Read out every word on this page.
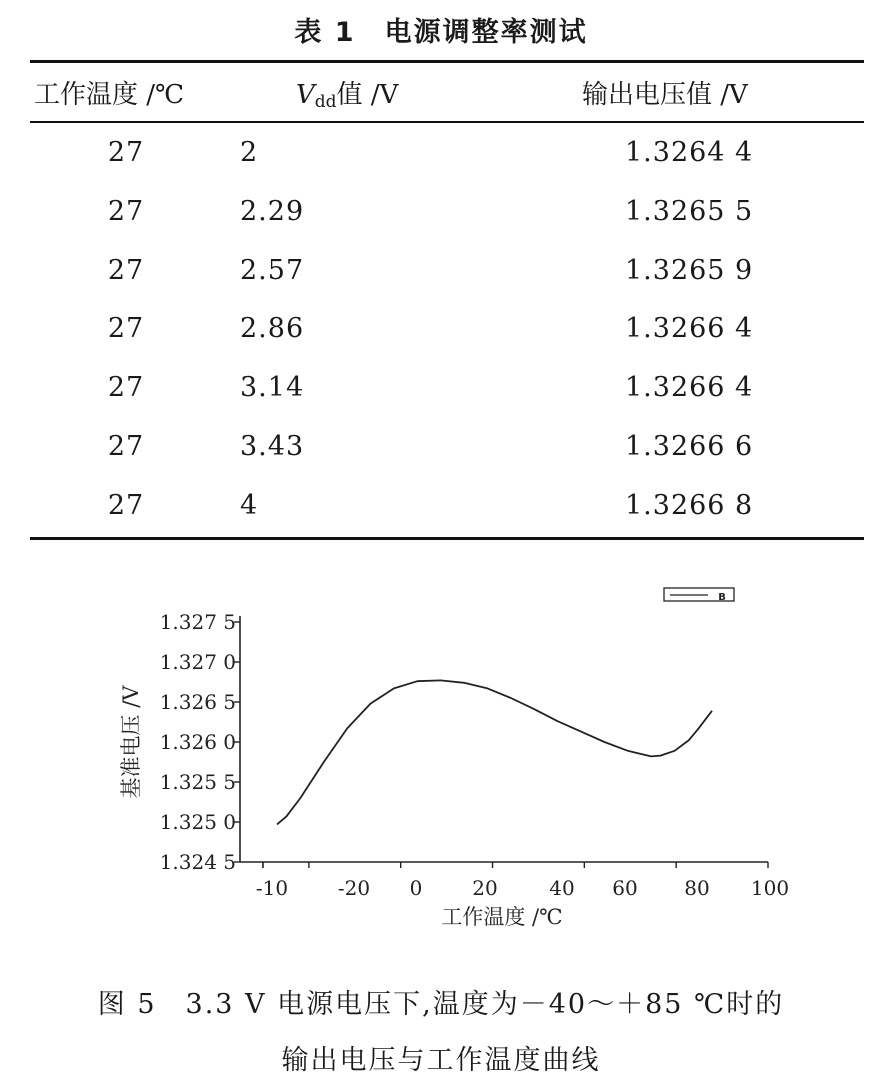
表 1　电源调整率测试
工作温度 /℃	Vdd值 /V	输出电压值 /V
27	2	1.3264 4
27	2.29	1.3265 5
27	2.57	1.3265 9
27	2.86	1.3266 4
27	3.14	1.3266 4
27	3.43	1.3266 6
27	4	1.3266 8
1.324 5
1.325 0
1.325 5
1.326 0
1.326 5
1.327 0
1.327 5
-10 -20 0 20	40 60 80 100
B
基准电压 /V
工作温度 /℃
图 5　3.3 V 电源电压下,温度为－40～＋85 ℃时的
输出电压与工作温度曲线
